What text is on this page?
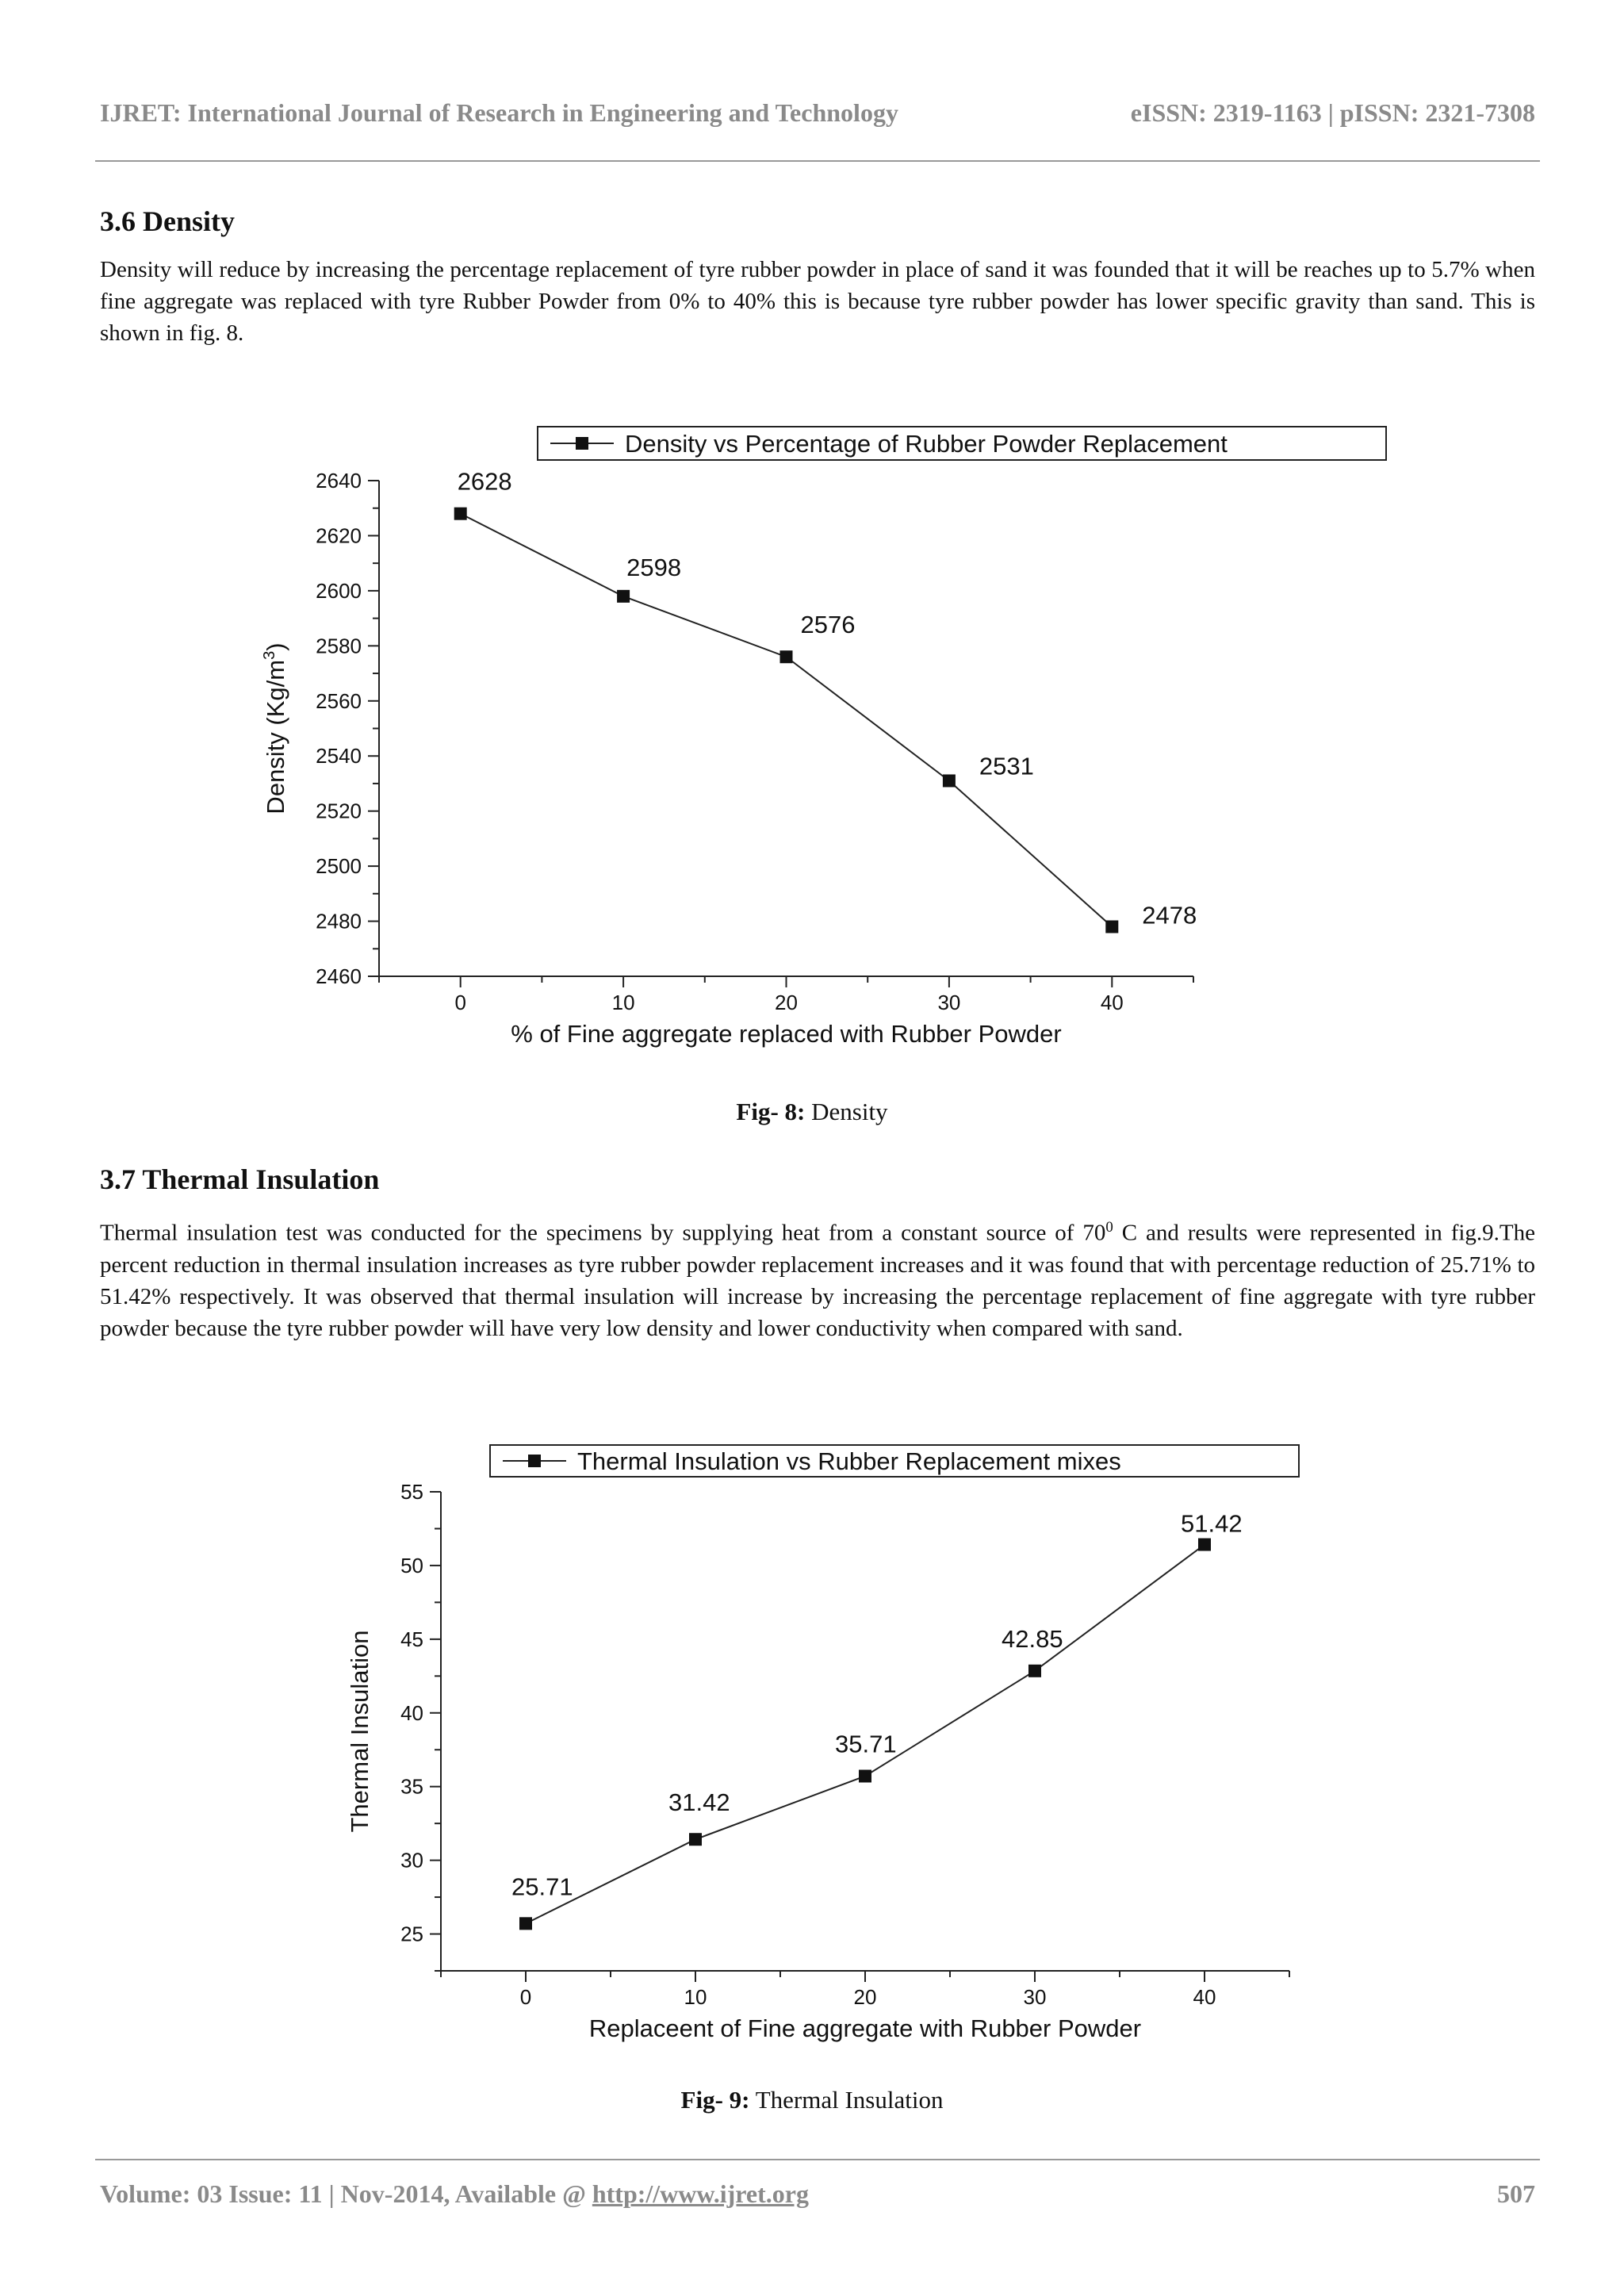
IJRET: International Journal of Research in Engineering and Technology	eISSN: 2319-1163 | pISSN: 2321-7308
3.6 Density
Density will reduce by increasing the percentage replacement of tyre rubber powder in place of sand it was founded that it will be reaches up to 5.7% when fine aggregate was replaced with tyre Rubber Powder from 0% to 40% this is because tyre rubber powder has lower specific gravity than sand. This is shown in fig. 8.
Density vs Percentage of Rubber Powder Replacement
2460
2480
2500
2520
2540
2560
2580
2600
2620
2640
0	10	20	30	40
% of Fine aggregate replaced with Rubber Powder
Density $(Kg/m^3)$
2628
2598
2576
2531
2478
Fig- 8: Density
3.7 Thermal Insulation
Thermal insulation test was conducted for the specimens by supplying heat from a constant source of $70^0$ C and results were represented in fig.9.The percent reduction in thermal insulation increases as tyre rubber powder replacement increases and it was found that with percentage reduction of 25.71% to 51.42% respectively. It was observed that thermal insulation will increase by increasing the percentage replacement of fine aggregate with tyre rubber powder because the tyre rubber powder will have very low density and lower conductivity when compared with sand.
Thermal Insulation vs Rubber Replacement mixes
25
30
35
40
45
50
55
0	10	20	30	40
Replaceent of Fine aggregate with Rubber Powder
Thermal Insulation
25.71
31.42
35.71
42.85
51.42
Fig- 9: Thermal Insulation
Volume: 03 Issue: 11 | Nov-2014, Available @ http://www.ijret.org	507
